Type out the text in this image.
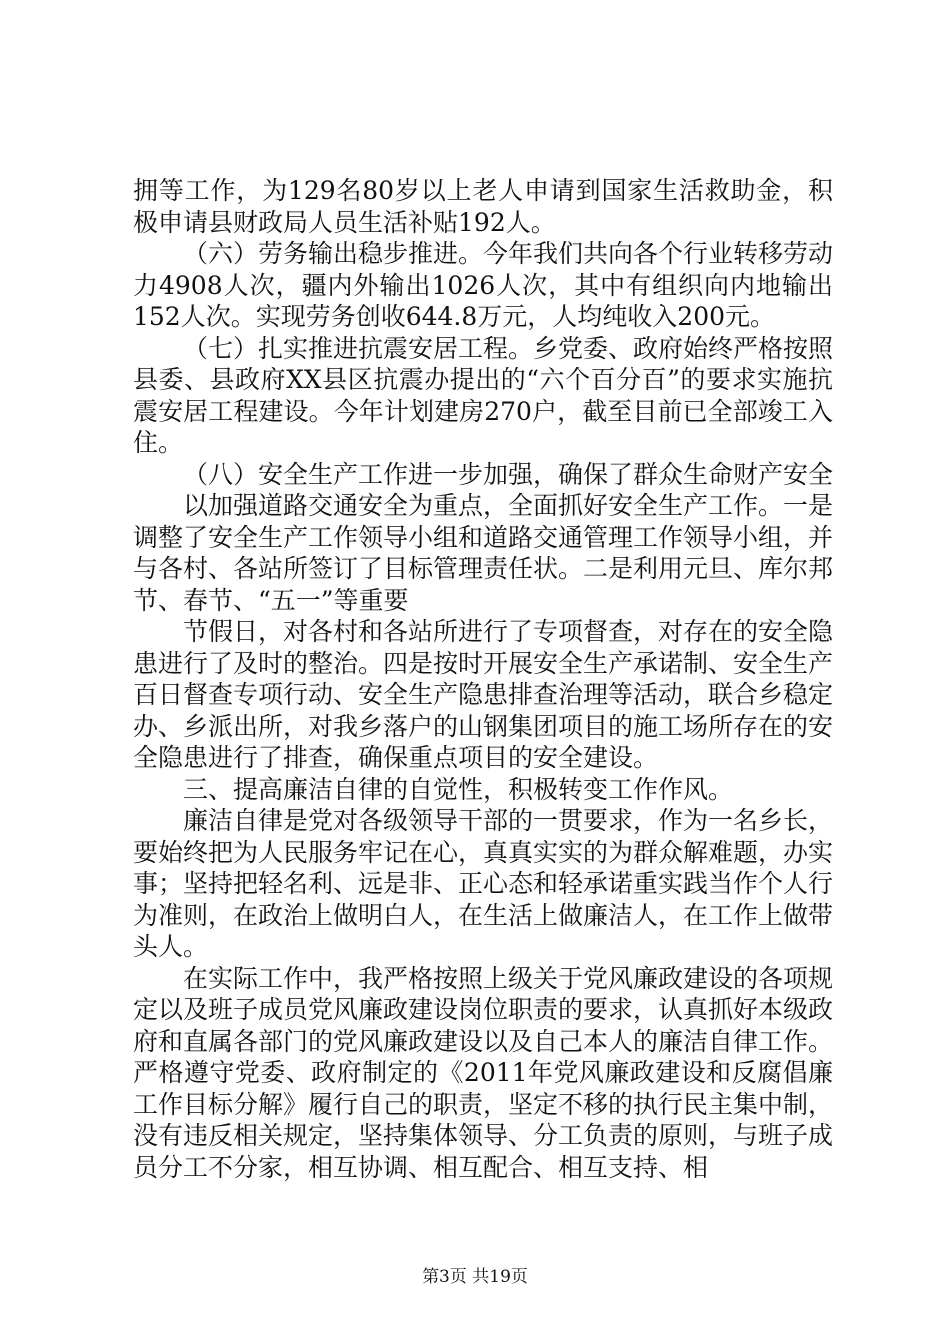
拥等工作，为129名80岁以上老人申请到国家生活救助金，积极申请县财政局人员生活补贴192人。

（六）劳务输出稳步推进。今年我们共向各个行业转移劳动力4908人次，疆内外输出1026人次，其中有组织向内地输出152人次。实现劳务创收644.8万元，人均纯收入200元。

（七）扎实推进抗震安居工程。乡党委、政府始终严格按照县委、县政府XX县区抗震办提出的“六个百分百”的要求实施抗震安居工程建设。今年计划建房270户，截至目前已全部竣工入住。

（八）安全生产工作进一步加强，确保了群众生命财产安全

以加强道路交通安全为重点，全面抓好安全生产工作。一是调整了安全生产工作领导小组和道路交通管理工作领导小组，并与各村、各站所签订了目标管理责任状。二是利用元旦、库尔邦节、春节、“五一”等重要

节假日，对各村和各站所进行了专项督查，对存在的安全隐患进行了及时的整治。四是按时开展安全生产承诺制、安全生产百日督查专项行动、安全生产隐患排查治理等活动，联合乡稳定办、乡派出所，对我乡落户的山钢集团项目的施工场所存在的安全隐患进行了排查，确保重点项目的安全建设。

三、提高廉洁自律的自觉性，积极转变工作作风。

廉洁自律是党对各级领导干部的一贯要求，作为一名乡长，要始终把为人民服务牢记在心，真真实实的为群众解难题，办实事；坚持把轻名利、远是非、正心态和轻承诺重实践当作个人行为准则，在政治上做明白人，在生活上做廉洁人，在工作上做带头人。

在实际工作中，我严格按照上级关于党风廉政建设的各项规定以及班子成员党风廉政建设岗位职责的要求，认真抓好本级政府和直属各部门的党风廉政建设以及自己本人的廉洁自律工作。严格遵守党委、政府制定的《2011年党风廉政建设和反腐倡廉工作目标分解》履行自己的职责，坚定不移的执行民主集中制，没有违反相关规定，坚持集体领导、分工负责的原则，与班子成员分工不分家，相互协调、相互配合、相互支持、相

第3页 共19页
